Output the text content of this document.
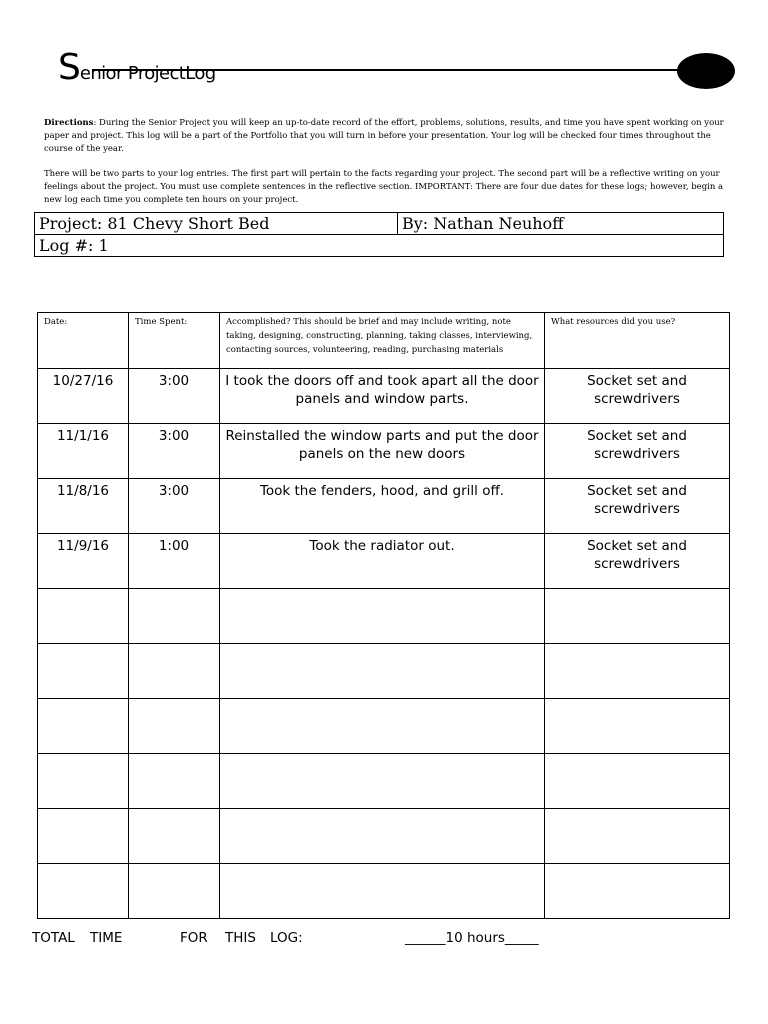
Senior ProjectLog

Directions: During the Senior Project you will keep an up-to-date record of the effort, problems, solutions, results, and time you have spent working on your paper and project. This log will be a part of the Portfolio that you will turn in before your presentation. Your log will be checked four times throughout the course of the year.

There will be two parts to your log entries. The first part will pertain to the facts regarding your project. The second part will be a reflective writing on your feelings about the project. You must use complete sentences in the reflective section. IMPORTANT: There are four due dates for these logs; however, begin a new log each time you complete ten hours on your project.

Project: 81 Chevy Short Bed	By: Nathan Neuhoff
Log #: 1
Date:	Time Spent:	Accomplished? This should be brief and may include writing, note taking, designing, constructing, planning, taking classes, interviewing, contacting sources, volunteering, reading, purchasing materials	What resources did you use?
10/27/16	3:00	I took the doors off and took apart all the door panels and window parts.	Socket set and screwdrivers
11/1/16	3:00	Reinstalled the window parts and put the door panels on the new doors	Socket set and screwdrivers
11/8/16	3:00	Took the fenders, hood, and grill off.	Socket set and screwdrivers
11/9/16	1:00	Took the radiator out.	Socket set and screwdrivers

TOTAL TIME	FOR THIS LOG:	______10 hours_____
